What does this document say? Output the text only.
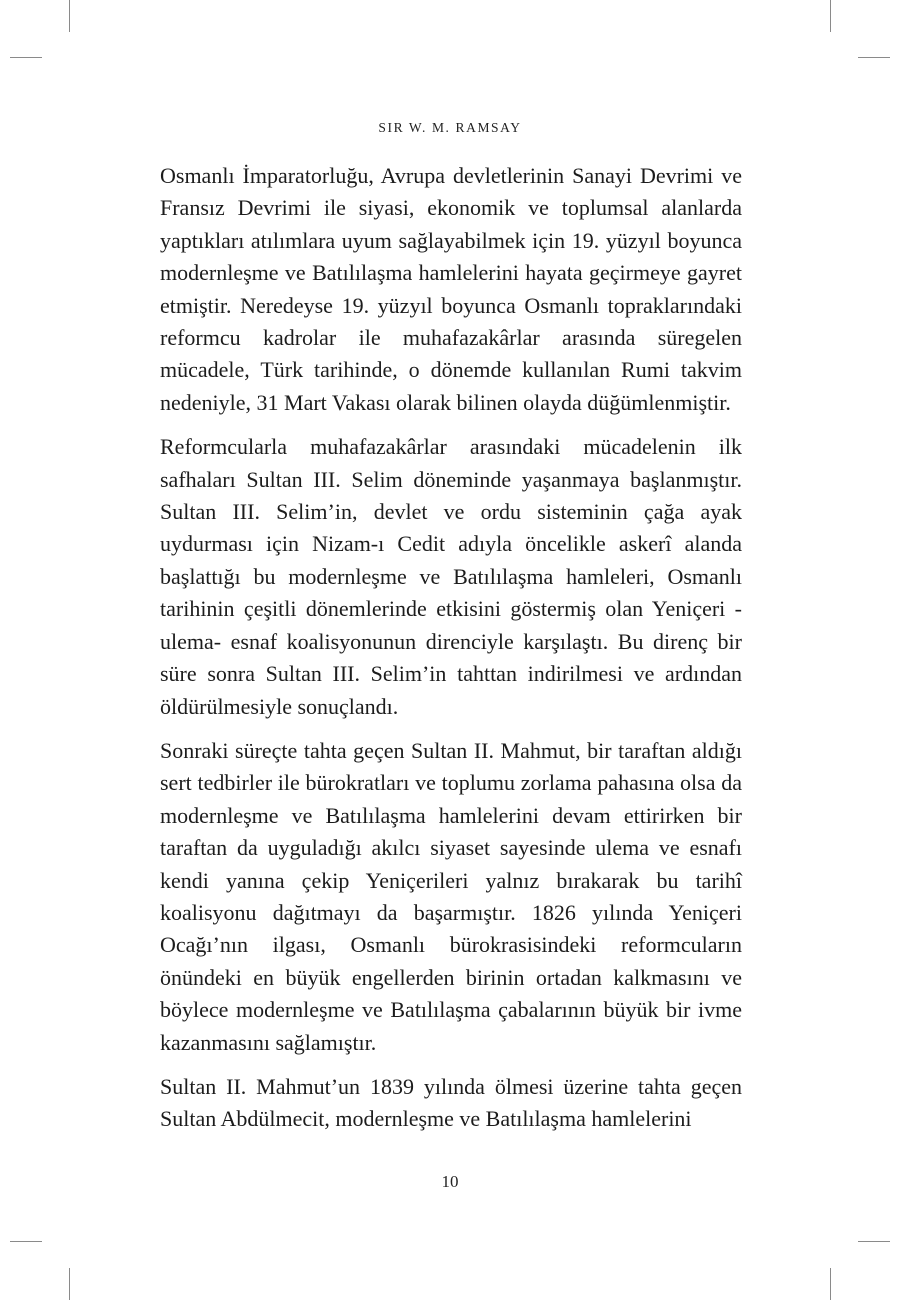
SIR W. M. RAMSAY

Osmanlı İmparatorluğu, Avrupa devletlerinin Sanayi Devrimi ve Fransız Devrimi ile siyasi, ekonomik ve toplumsal alanlarda yaptıkları atılımlara uyum sağlayabilmek için 19. yüzyıl boyunca modernleşme ve Batılılaşma hamlelerini hayata geçirmeye gayret etmiştir. Neredeyse 19. yüzyıl boyunca Osmanlı topraklarındaki reformcu kadrolar ile muhafazakârlar arasında süregelen mücadele, Türk tarihinde, o dönemde kullanılan Rumi takvim nedeniyle, 31 Mart Vakası olarak bilinen olayda düğümlenmiştir.

Reformcularla muhafazakârlar arasındaki mücadelenin ilk safhaları Sultan III. Selim döneminde yaşanmaya başlanmıştır. Sultan III. Selim’in, devlet ve ordu sisteminin çağa ayak uydurması için Nizam-ı Cedit adıyla öncelikle askerî alanda başlattığı bu modernleşme ve Batılılaşma hamleleri, Osmanlı tarihinin çeşitli dönemlerinde etkisini göstermiş olan Yeniçeri -ulema- esnaf koalisyonunun direnciyle karşılaştı. Bu direnç bir süre sonra Sultan III. Selim’in tahttan indirilmesi ve ardından öldürülmesiyle sonuçlandı.

Sonraki süreçte tahta geçen Sultan II. Mahmut, bir taraftan aldığı sert tedbirler ile bürokratları ve toplumu zorlama pahasına olsa da modernleşme ve Batılılaşma hamlelerini devam ettirirken bir taraftan da uyguladığı akılcı siyaset sayesinde ulema ve esnafı kendi yanına çekip Yeniçerileri yalnız bırakarak bu tarihî koalisyonu dağıtmayı da başarmıştır. 1826 yılında Yeniçeri Ocağı’nın ilgası, Osmanlı bürokrasisindeki reformcuların önündeki en büyük engellerden birinin ortadan kalkmasını ve böylece modernleşme ve Batılılaşma çabalarının büyük bir ivme kazanmasını sağlamıştır.

Sultan II. Mahmut’un 1839 yılında ölmesi üzerine tahta geçen Sultan Abdülmecit, modernleşme ve Batılılaşma hamlelerini

10
